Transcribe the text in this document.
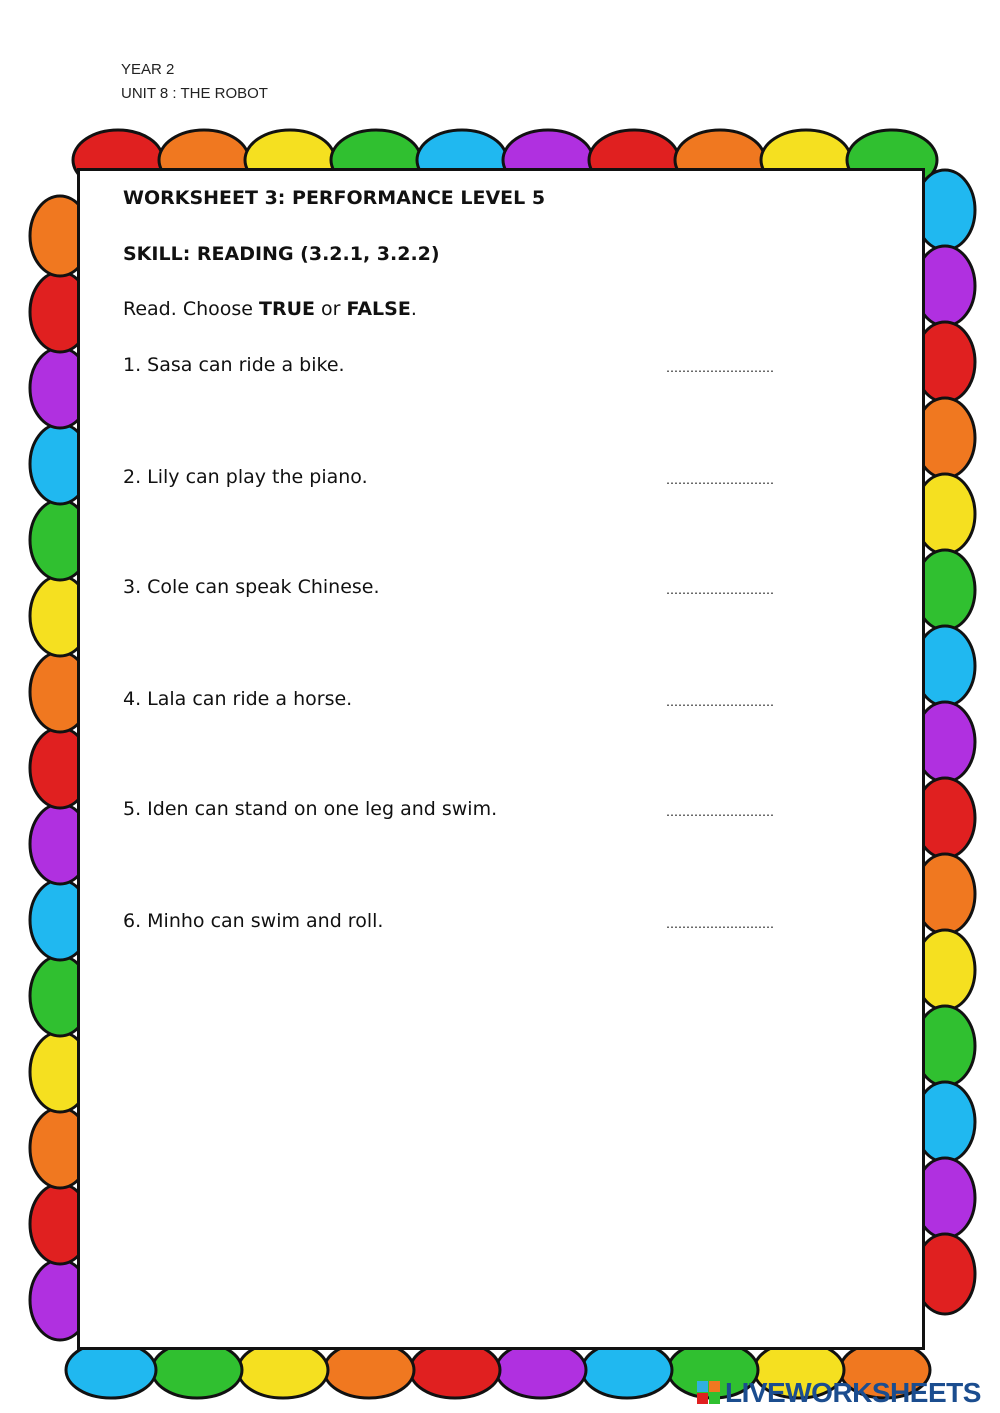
YEAR 2
UNIT 8 : THE ROBOT
WORKSHEET 3: PERFORMANCE LEVEL 5
SKILL: READING (3.2.1, 3.2.2)
Read. Choose TRUE or FALSE.
1. Sasa can ride a bike.	………………………
2. Lily can play the piano.	………………………
3. Cole can speak Chinese.	………………………
4. Lala can ride a horse.	………………………
5. Iden can stand on one leg and swim.	………………………
6. Minho can swim and roll.	………………………
LIVEWORKSHEETS
